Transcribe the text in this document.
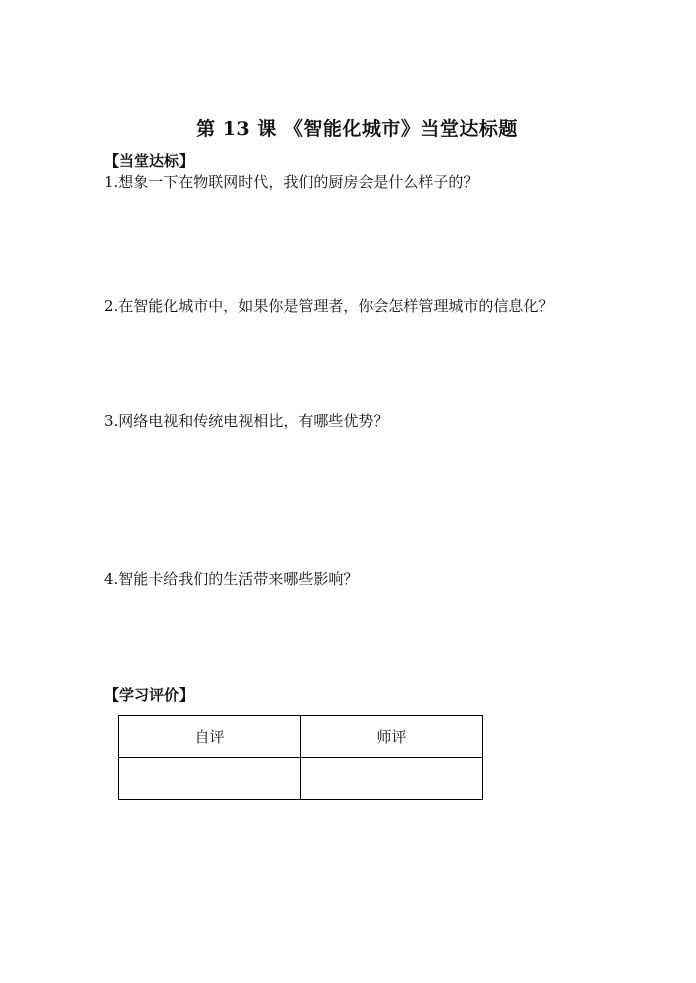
第 13 课 《智能化城市》当堂达标题
【当堂达标】
1.想象一下在物联网时代，我们的厨房会是什么样子的？
2.在智能化城市中，如果你是管理者，你会怎样管理城市的信息化？
3.网络电视和传统电视相比，有哪些优势？
4.智能卡给我们的生活带来哪些影响？
【学习评价】
自评	师评
